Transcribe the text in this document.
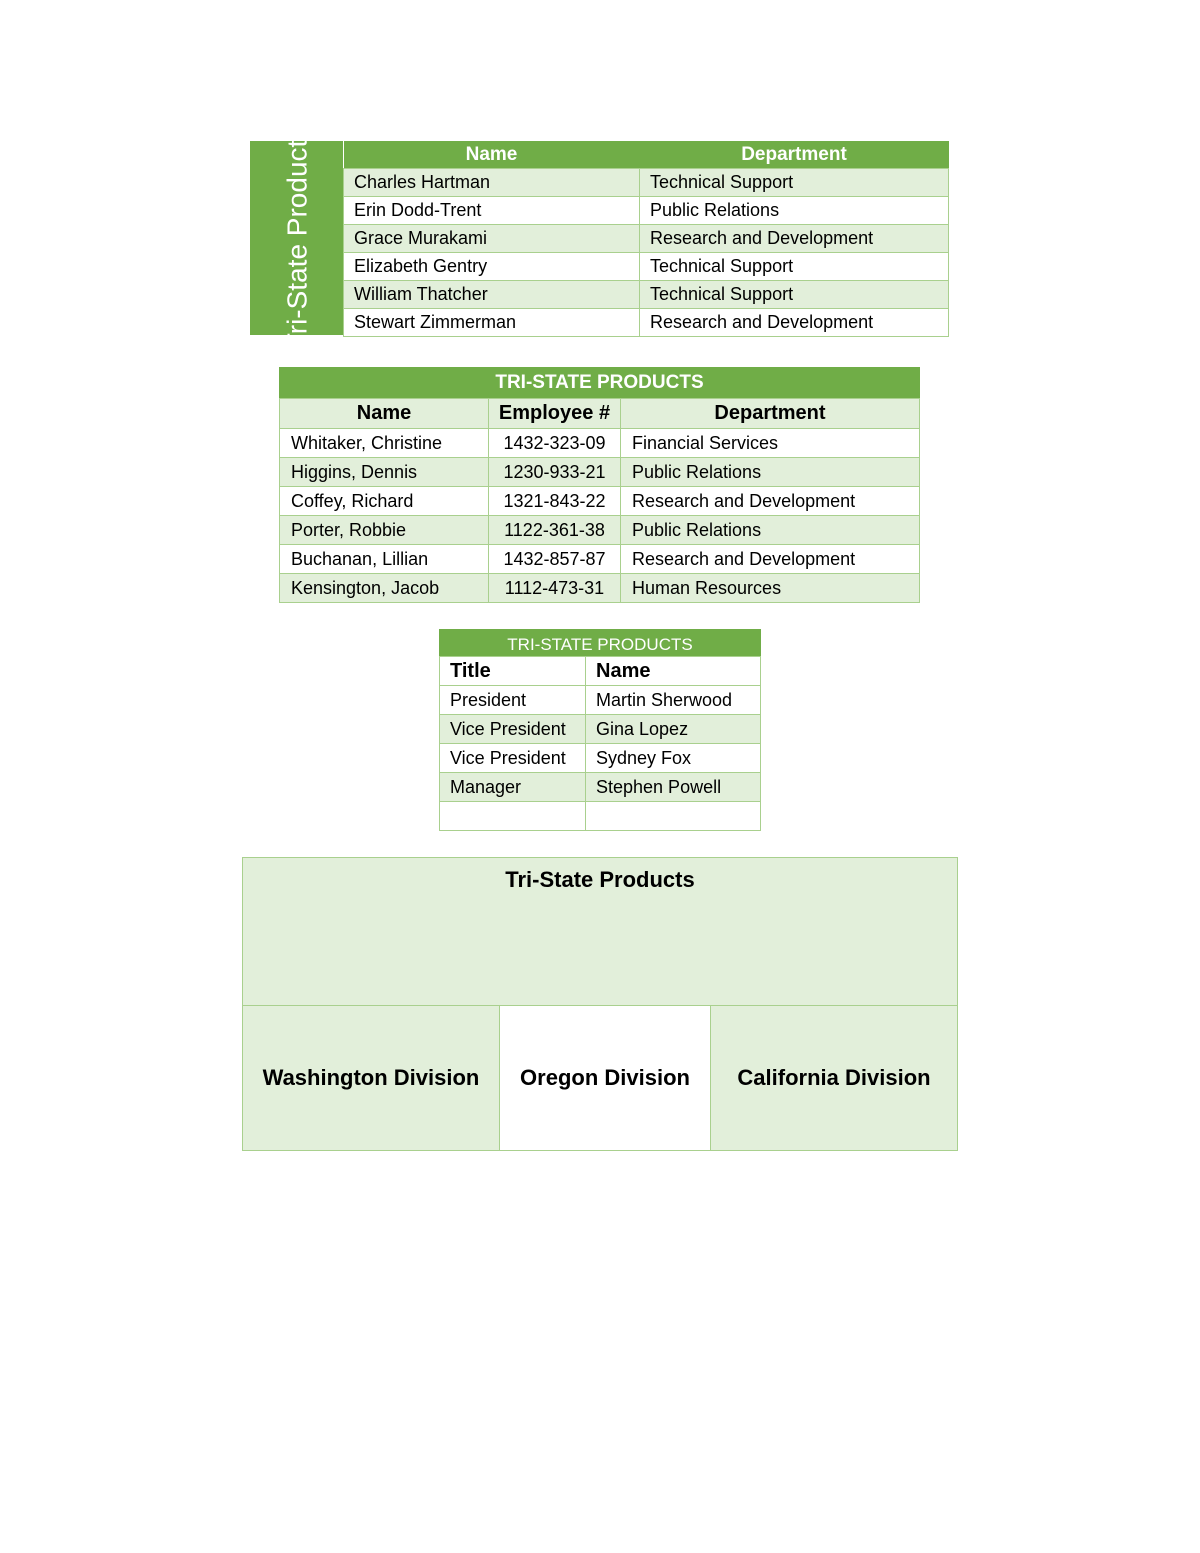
Tri-State Products	Name	Department
Charles Hartman	Technical Support
Erin Dodd-Trent	Public Relations
Grace Murakami	Research and Development
Elizabeth Gentry	Technical Support
William Thatcher	Technical Support
Stewart Zimmerman	Research and Development
TRI-STATE PRODUCTS
Name	Employee #	Department
Whitaker, Christine	1432-323-09	Financial Services
Higgins, Dennis	1230-933-21	Public Relations
Coffey, Richard	1321-843-22	Research and Development
Porter, Robbie	1122-361-38	Public Relations
Buchanan, Lillian	1432-857-87	Research and Development
Kensington, Jacob	1112-473-31	Human Resources
TRI-STATE PRODUCTS
Title	Name
President	Martin Sherwood
Vice President	Gina Lopez
Vice President	Sydney Fox
Manager	Stephen Powell

Tri-State Products
Washington Division	Oregon Division	California Division
